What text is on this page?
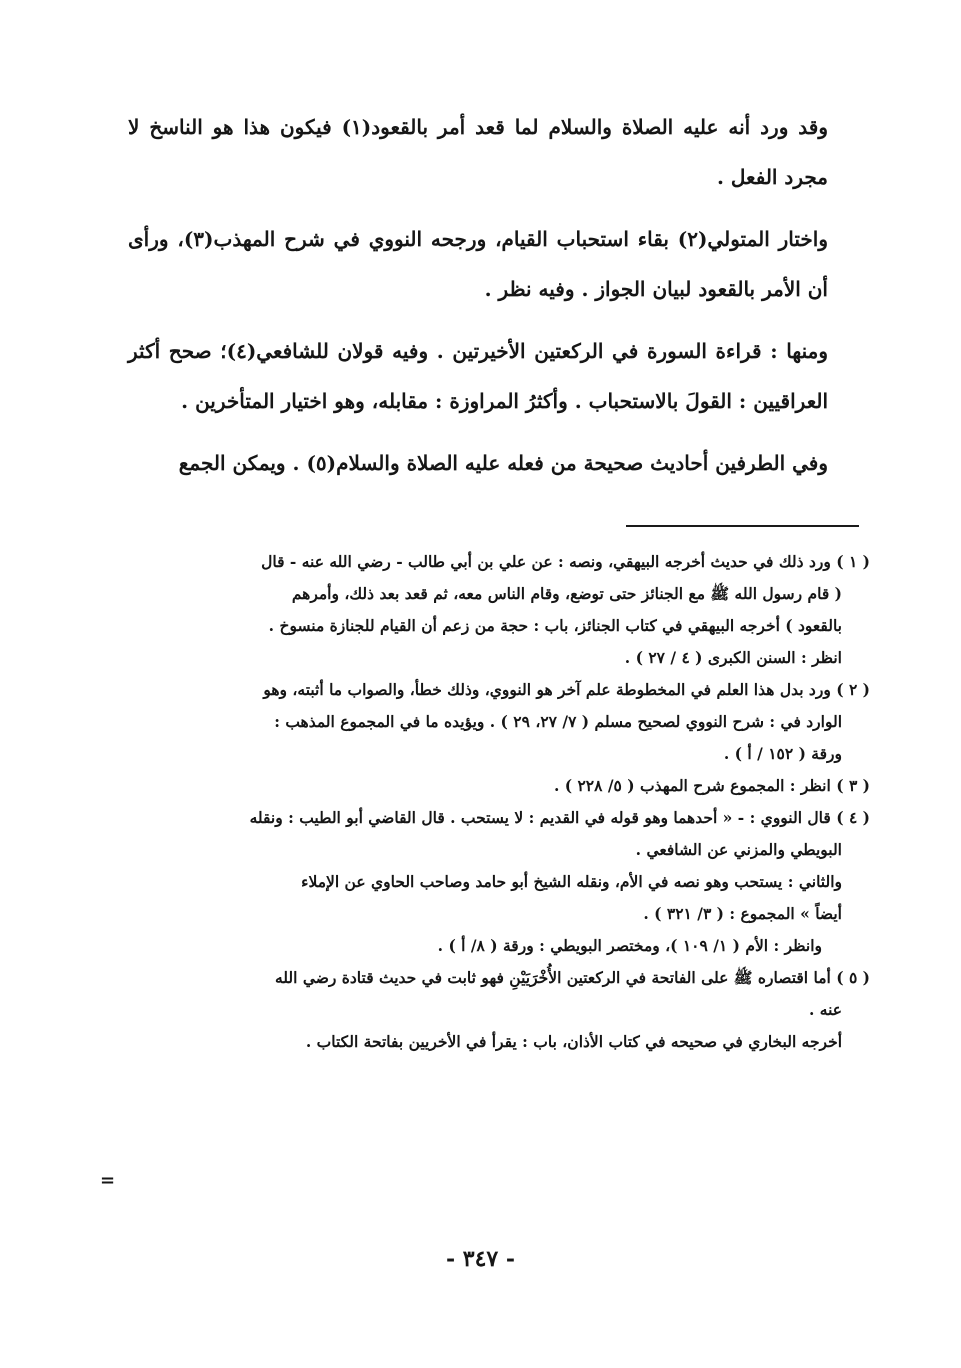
وقد ورد أنه عليه الصلاة والسلام لما قعد أمر بالقعود(١) فيكون هذا هو الناسخ لا مجرد الفعل .

واختار المتولي(٢) بقاء استحباب القيام، ورجحه النووي في شرح المهذب(٣)، ورأى أن الأمر بالقعود لبيان الجواز . وفيه نظر .

ومنها : قراءة السورة في الركعتين الأخيرتين . وفيه قولان للشافعي(٤)؛ صحح أكثر العراقيين : القولَ بالاستحباب . وأكثرُ المراوزة : مقابله، وهو اختيار المتأخرين .

وفي الطرفين أحاديث صحيحة من فعله عليه الصلاة والسلام(٥) . ويمكن الجمع

( ١ ) ورد ذلك في حديث أخرجه البيهقي، ونصه : عن علي بن أبي طالب - رضي الله عنه - قال

( قام رسول الله ﷺ مع الجنائز حتى توضع، وقام الناس معه، ثم قعد بعد ذلك، وأمرهم

بالقعود ) أخرجه البيهقي في كتاب الجنائز، باب : حجة من زعم أن القيام للجنازة منسوخ .

انظر : السنن الكبرى ( ٤ / ٢٧ ) .

( ٢ ) ورد بدل هذا العلم في المخطوطة علم آخر هو النووي، وذلك خطأ، والصواب ما أثبته، وهو

الوارد في : شرح النووي لصحيح مسلم ( ٧/ ٢٧، ٢٩ ) . ويؤيده ما في المجموع المذهب :

ورقة ( ١٥٢ / أ ) .

( ٣ ) انظر : المجموع شرح المهذب ( ٥/ ٢٢٨ ) .

( ٤ ) قال النووي : - « أحدهما وهو قوله في القديم : لا يستحب . قال القاضي أبو الطيب : ونقله

البويطي والمزني عن الشافعي .

والثاني : يستحب وهو نصه في الأم، ونقله الشيخ أبو حامد وصاحب الحاوي عن الإملاء

أيضاً » المجموع : ( ٣/ ٣٢١ ) .

وانظر : الأم ( ١/ ١٠٩ )، ومختصر البويطي : ورقة ( ٨/ أ ) .

( ٥ ) أما اقتصاره ﷺ على الفاتحة في الركعتين الأُخْرَيَيْنِ فهو ثابت في حديث قتادة رضي الله

عنه .

أخرجه البخاري في صحيحه في كتاب الأذان، باب : يقرأ في الأخريين بفاتحة الكتاب .

=
- ٣٤٧ -
